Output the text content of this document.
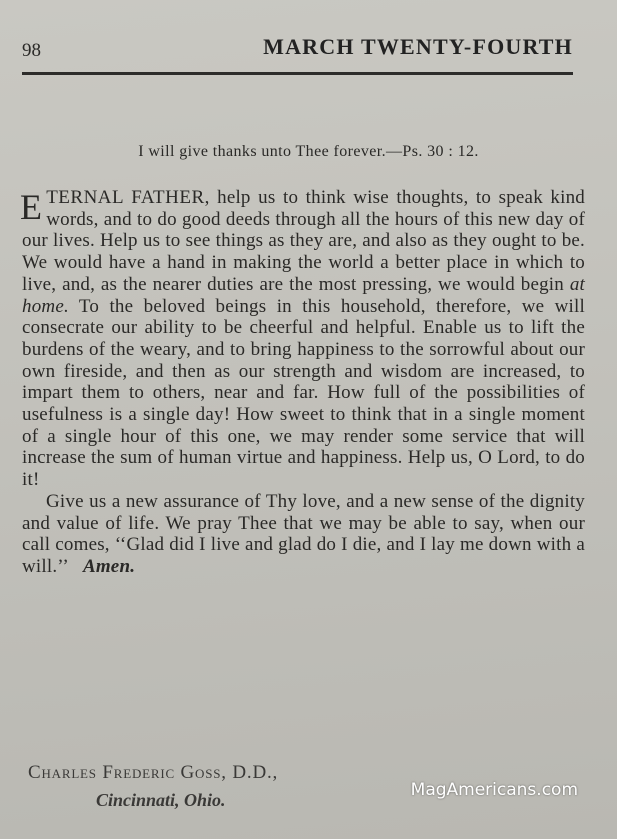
98	MARCH TWENTY-FOURTH
I will give thanks unto Thee forever.—Ps. 30 : 12.

ETERNAL FATHER, help us to think wise thoughts, to speak kind words, and to do good deeds through all the hours of this new day of our lives. Help us to see things as they are, and also as they ought to be. We would have a hand in making the world a better place in which to live, and, as the nearer duties are the most pressing, we would begin at home. To the beloved beings in this household, therefore, we will consecrate our ability to be cheerful and helpful. Enable us to lift the burdens of the weary, and to bring happiness to the sorrowful about our own fireside, and then as our strength and wisdom are increased, to impart them to others, near and far. How full of the possibilities of usefulness is a single day! How sweet to think that in a single moment of a single hour of this one, we may render some service that will increase the sum of human virtue and happiness. Help us, O Lord, to do it!

Give us a new assurance of Thy love, and a new sense of the dignity and value of life. We pray Thee that we may be able to say, when our call comes, ‘‘Glad did I live and glad do I die, and I lay me down with a will.’’ Amen.

Charles Frederic Goss, D.D.,
Cincinnati, Ohio.	MagAmericans.com
